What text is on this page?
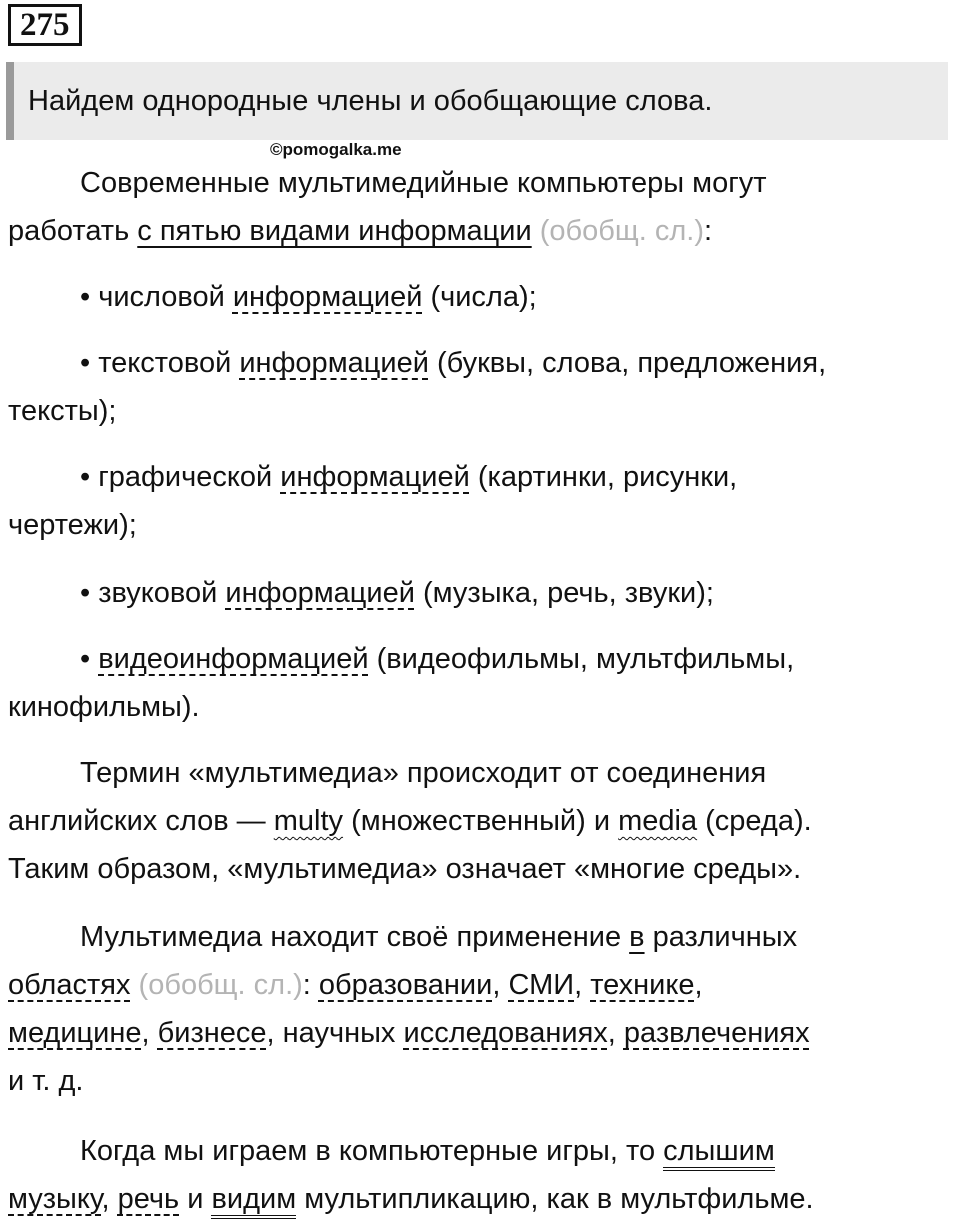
275
Найдем однородные члены и обобщающие слова.
©pomogalka.me
Современные мультимедийные компьютеры могут
работать с пятью видами информации (обобщ. сл.):
• числовой информацией (числа);
• текстовой информацией (буквы, слова, предложения,
тексты);
• графической информацией (картинки, рисунки,
чертежи);
• звуковой информацией (музыка, речь, звуки);
• видеоинформацией (видеофильмы, мультфильмы,
кинофильмы).
Термин «мультимедиа» происходит от соединения
английских слов — multy (множественный) и media (среда).
Таким образом, «мультимедиа» означает «многие среды».
Мультимедиа находит своё применение в различных
областях (обобщ. сл.): образовании, СМИ, технике,
медицине, бизнесе, научных исследованиях, развлечениях
и т. д.
Когда мы играем в компьютерные игры, то слышим
музыку, речь и видим мультипликацию, как в мультфильме.
